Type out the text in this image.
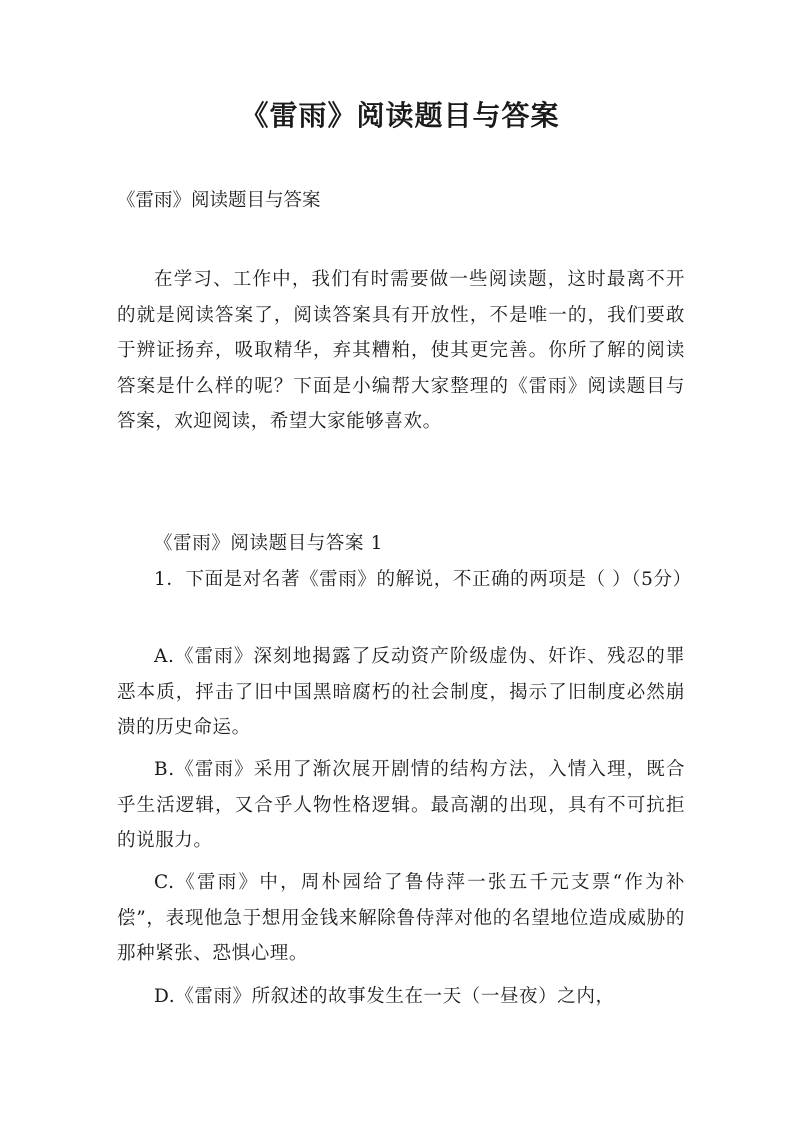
《雷雨》阅读题目与答案
《雷雨》阅读题目与答案

在学习、工作中，我们有时需要做一些阅读题，这时最离不开的就是阅读答案了，阅读答案具有开放性，不是唯一的，我们要敢于辨证扬弃，吸取精华，弃其糟粕，使其更完善。你所了解的阅读答案是什么样的呢？下面是小编帮大家整理的《雷雨》阅读题目与答案，欢迎阅读，希望大家能够喜欢。

《雷雨》阅读题目与答案 1

1．下面是对名著《雷雨》的解说，不正确的两项是（ ）（5分）

A.《雷雨》深刻地揭露了反动资产阶级虚伪、奸诈、残忍的罪恶本质，抨击了旧中国黑暗腐朽的社会制度，揭示了旧制度必然崩溃的历史命运。

B.《雷雨》采用了渐次展开剧情的结构方法，入情入理，既合乎生活逻辑，又合乎人物性格逻辑。最高潮的出现，具有不可抗拒的说服力。

C.《雷雨》中，周朴园给了鲁侍萍一张五千元支票“作为补偿”，表现他急于想用金钱来解除鲁侍萍对他的名望地位造成威胁的那种紧张、恐惧心理。

D.《雷雨》所叙述的故事发生在一天（一昼夜）之内，
